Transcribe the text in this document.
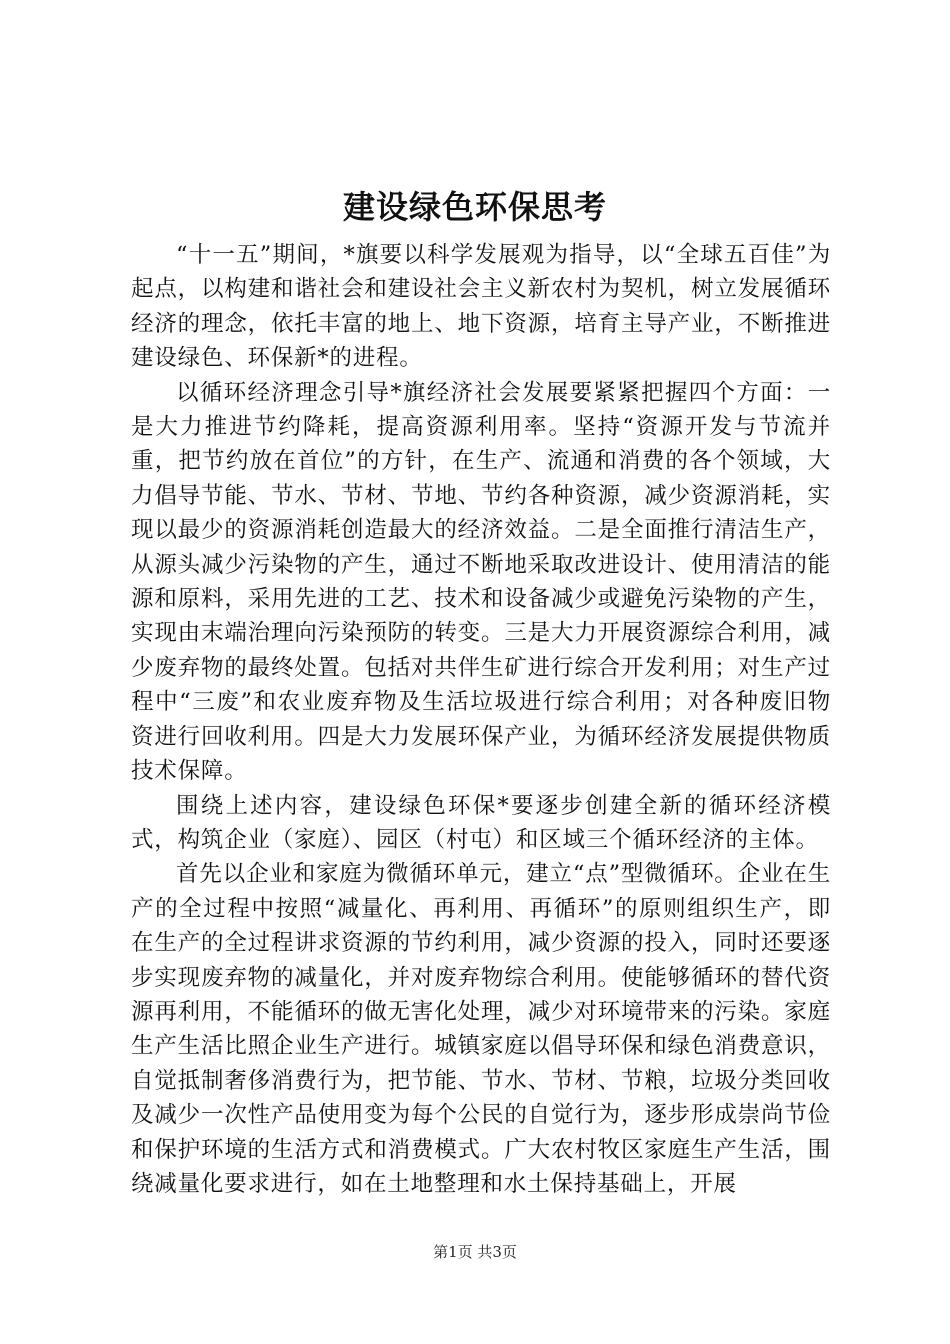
建设绿色环保思考

“十一五”期间，*旗要以科学发展观为指导，以“全球五百佳”为起点，以构建和谐社会和建设社会主义新农村为契机，树立发展循环经济的理念，依托丰富的地上、地下资源，培育主导产业，不断推进建设绿色、环保新*的进程。

以循环经济理念引导*旗经济社会发展要紧紧把握四个方面：一是大力推进节约降耗，提高资源利用率。坚持“资源开发与节流并重，把节约放在首位”的方针，在生产、流通和消费的各个领域，大力倡导节能、节水、节材、节地、节约各种资源，减少资源消耗，实现以最少的资源消耗创造最大的经济效益。二是全面推行清洁生产，从源头减少污染物的产生，通过不断地采取改进设计、使用清洁的能源和原料，采用先进的工艺、技术和设备减少或避免污染物的产生，实现由末端治理向污染预防的转变。三是大力开展资源综合利用，减少废弃物的最终处置。包括对共伴生矿进行综合开发利用；对生产过程中“三废”和农业废弃物及生活垃圾进行综合利用；对各种废旧物资进行回收利用。四是大力发展环保产业，为循环经济发展提供物质技术保障。

围绕上述内容，建设绿色环保*要逐步创建全新的循环经济模式，构筑企业（家庭）、园区（村屯）和区域三个循环经济的主体。

首先以企业和家庭为微循环单元，建立“点”型微循环。企业在生产的全过程中按照“减量化、再利用、再循环”的原则组织生产，即在生产的全过程讲求资源的节约利用，减少资源的投入，同时还要逐步实现废弃物的减量化，并对废弃物综合利用。使能够循环的替代资源再利用，不能循环的做无害化处理，减少对环境带来的污染。家庭生产生活比照企业生产进行。城镇家庭以倡导环保和绿色消费意识，自觉抵制奢侈消费行为，把节能、节水、节材、节粮，垃圾分类回收及减少一次性产品使用变为每个公民的自觉行为，逐步形成崇尚节俭和保护环境的生活方式和消费模式。广大农村牧区家庭生产生活，围绕减量化要求进行，如在土地整理和水土保持基础上，开展

第1页 共3页
